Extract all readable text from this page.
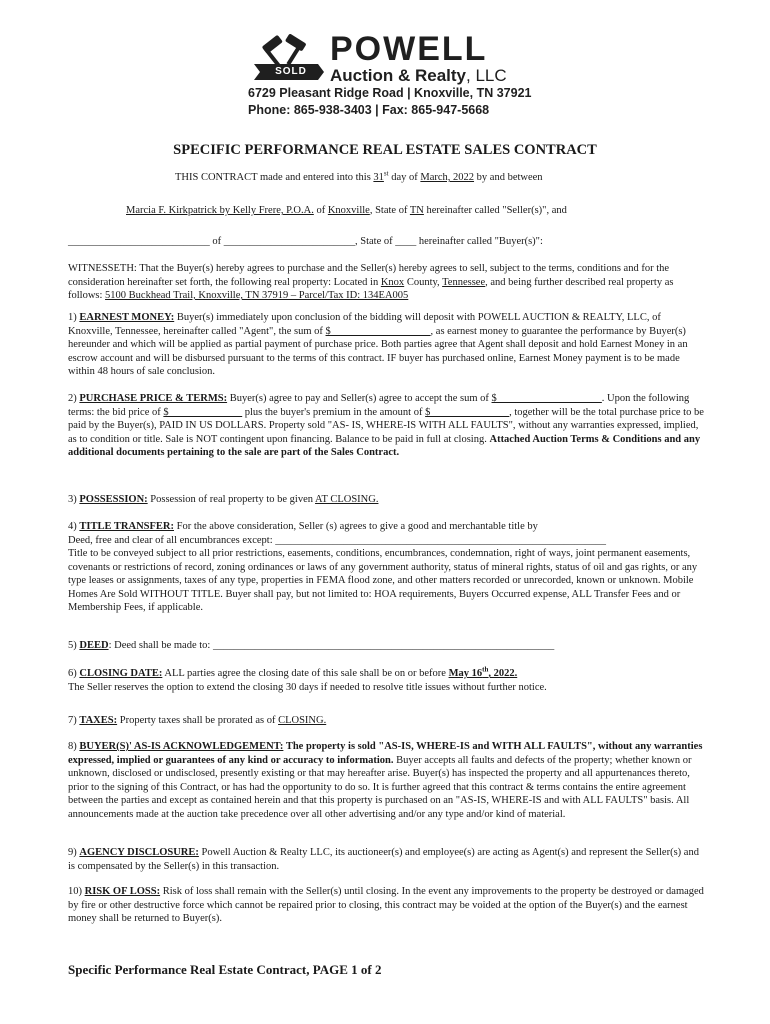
SOLD
POWELL
Auction & Realty, LLC
6729 Pleasant Ridge Road | Knoxville, TN 37921
Phone: 865-938-3403 | Fax: 865-947-5668
SPECIFIC PERFORMANCE REAL ESTATE SALES CONTRACT
THIS CONTRACT made and entered into this 31st day of March, 2022 by and between
Marcia F. Kirkpatrick by Kelly Frere, P.O.A. of Knoxville, State of TN hereinafter called "Seller(s)", and
___________________________ of _________________________, State of ____ hereinafter called "Buyer(s)":
WITNESSETH: That the Buyer(s) hereby agrees to purchase and the Seller(s) hereby agrees to sell, subject to the terms, conditions and for the consideration hereinafter set forth, the following real property: Located in Knox County, Tennessee, and being further described real property as follows: 5100 Buckhead Trail, Knoxville, TN 37919 – Parcel/Tax ID: 134EA005
1) EARNEST MONEY: Buyer(s) immediately upon conclusion of the bidding will deposit with POWELL AUCTION & REALTY, LLC, of Knoxville, Tennessee, hereinafter called "Agent", the sum of $___________________, as earnest money to guarantee the performance by Buyer(s) hereunder and which will be applied as partial payment of purchase price. Both parties agree that Agent shall deposit and hold Earnest Money in an escrow account and will be disbursed pursuant to the terms of this contract. IF buyer has purchased online, Earnest Money payment is to be made within 48 hours of sale conclusion.
2) PURCHASE PRICE & TERMS: Buyer(s) agree to pay and Seller(s) agree to accept the sum of $____________________. Upon the following terms: the bid price of $______________ plus the buyer's premium in the amount of $_______________, together will be the total purchase price to be paid by the Buyer(s), PAID IN US DOLLARS. Property sold "AS- IS, WHERE-IS WITH ALL FAULTS", without any warranties expressed, implied, as to condition or title. Sale is NOT contingent upon financing. Balance to be paid in full at closing. Attached Auction Terms & Conditions and any additional documents pertaining to the sale are part of the Sales Contract.
3) POSSESSION: Possession of real property to be given AT CLOSING.
4) TITLE TRANSFER: For the above consideration, Seller (s) agrees to give a good and merchantable title by
Deed, free and clear of all encumbrances except: _______________________________________________________________
Title to be conveyed subject to all prior restrictions, easements, conditions, encumbrances, condemnation, right of ways, joint permanent easements, covenants or restrictions of record, zoning ordinances or laws of any government authority, status of mineral rights, status of oil and gas rights, or any type leases or assignments, taxes of any type, properties in FEMA flood zone, and other matters recorded or unrecorded, known or unknown. Mobile Homes Are Sold WITHOUT TITLE. Buyer shall pay, but not limited to: HOA requirements, Buyers Occurred expense, ALL Transfer Fees and or Membership Fees, if applicable.
5) DEED: Deed shall be made to: _________________________________________________________________
6) CLOSING DATE: ALL parties agree the closing date of this sale shall be on or before May 16th, 2022.
The Seller reserves the option to extend the closing 30 days if needed to resolve title issues without further notice.
7) TAXES: Property taxes shall be prorated as of CLOSING.
8) BUYER(S)' AS-IS ACKNOWLEDGEMENT: The property is sold "AS-IS, WHERE-IS and WITH ALL FAULTS", without any warranties expressed, implied or guarantees of any kind or accuracy to information. Buyer accepts all faults and defects of the property; whether known or unknown, disclosed or undisclosed, presently existing or that may hereafter arise. Buyer(s) has inspected the property and all appurtenances thereto, prior to the signing of this Contract, or has had the opportunity to do so. It is further agreed that this contract & terms contains the entire agreement between the parties and except as contained herein and that this property is purchased on an "AS-IS, WHERE-IS and with ALL FAULTS" basis. All announcements made at the auction take precedence over all other advertising and/or any type and/or kind of material.
9) AGENCY DISCLOSURE: Powell Auction & Realty LLC, its auctioneer(s) and employee(s) are acting as Agent(s) and represent the Seller(s) and is compensated by the Seller(s) in this transaction.
10) RISK OF LOSS: Risk of loss shall remain with the Seller(s) until closing. In the event any improvements to the property be destroyed or damaged by fire or other destructive force which cannot be repaired prior to closing, this contract may be voided at the option of the Buyer(s) and the earnest money shall be returned to Buyer(s).
Specific Performance Real Estate Contract, PAGE 1 of 2
